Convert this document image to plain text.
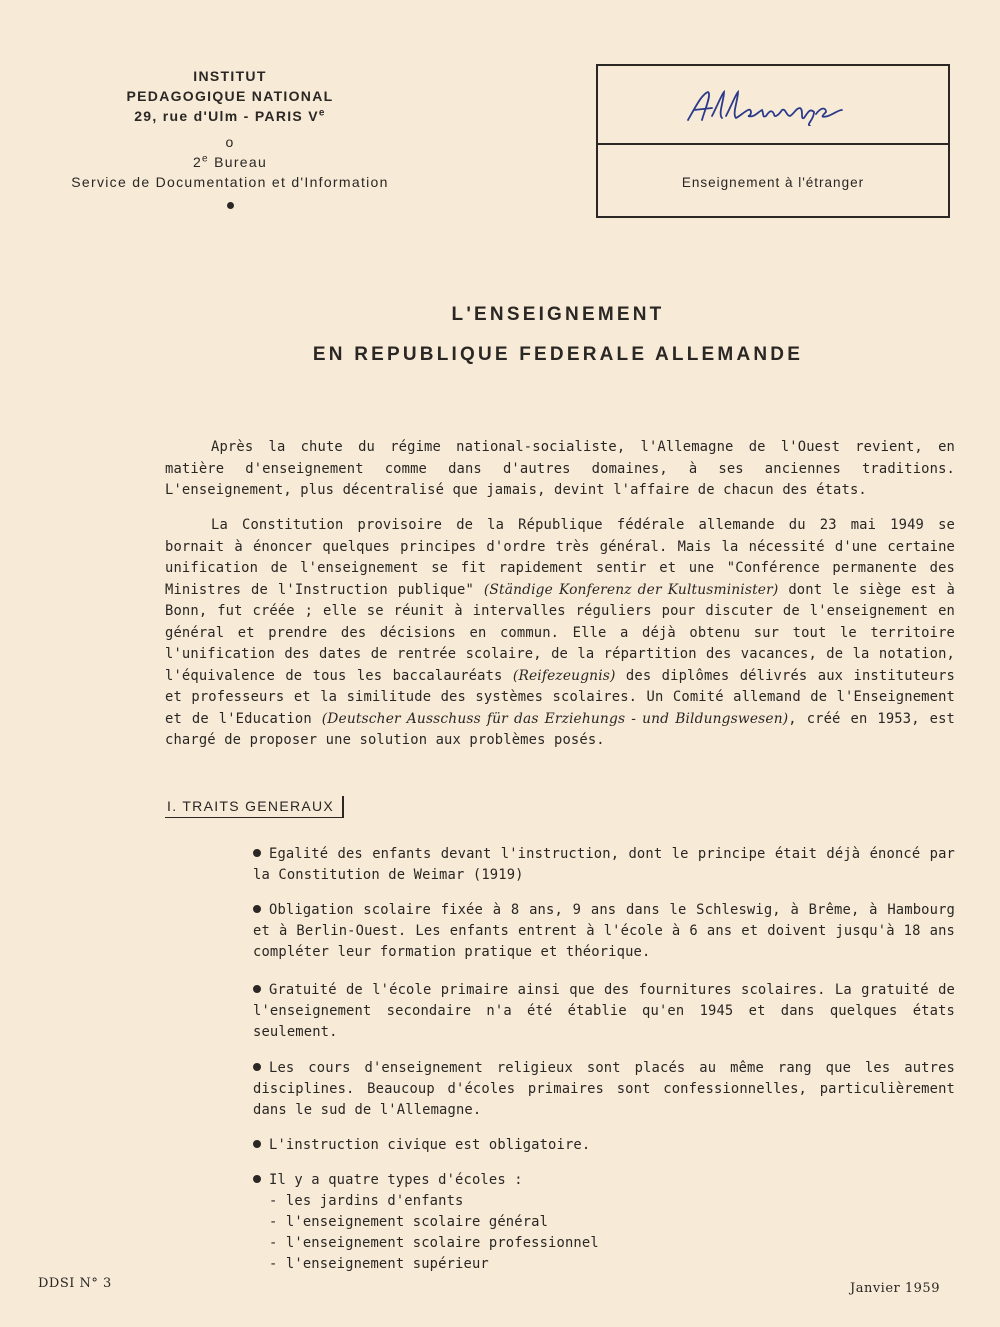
INSTITUT
PEDAGOGIQUE NATIONAL
29, rue d'Ulm - PARIS Ve
o
2e Bureau
Service de Documentation et d'Information	Enseignement à l'étranger
L'ENSEIGNEMENT
EN REPUBLIQUE FEDERALE ALLEMANDE
Après la chute du régime national-socialiste, l'Allemagne de l'Ouest revient, en matière d'enseignement comme dans d'autres domaines, à ses anciennes traditions. L'enseignement, plus décentralisé que jamais, devint l'affaire de chacun des états.
La Constitution provisoire de la République fédérale allemande du 23 mai 1949 se bornait à énoncer quelques principes d'ordre très général. Mais la nécessité d'une certaine unification de l'enseignement se fit rapidement sentir et une "Conférence permanente des Ministres de l'Instruction publique" (Ständige Konferenz der Kultusminister) dont le siège est à Bonn, fut créée ; elle se réunit à intervalles réguliers pour discuter de l'enseignement en général et prendre des décisions en commun. Elle a déjà obtenu sur tout le territoire l'unification des dates de rentrée scolaire, de la répartition des vacances, de la notation, l'équivalence de tous les baccalauréats (Reifezeugnis) des diplômes délivrés aux instituteurs et professeurs et la similitude des systèmes scolaires. Un Comité allemand de l'Enseignement et de l'Education (Deutscher Ausschuss für das Erziehungs - und Bildungswesen), créé en 1953, est chargé de proposer une solution aux problèmes posés.
I. TRAITS GENERAUX
Egalité des enfants devant l'instruction, dont le principe était déjà énoncé par la Constitution de Weimar (1919)
Obligation scolaire fixée à 8 ans, 9 ans dans le Schleswig, à Brême, à Hambourg et à Berlin-Ouest. Les enfants entrent à l'école à 6 ans et doivent jusqu'à 18 ans compléter leur formation pratique et théorique.
Gratuité de l'école primaire ainsi que des fournitures scolaires. La gratuité de l'enseignement secondaire n'a été établie qu'en 1945 et dans quelques états seulement.
Les cours d'enseignement religieux sont placés au même rang que les autres disciplines. Beaucoup d'écoles primaires sont confessionnelles, particulièrement dans le sud de l'Allemagne.
L'instruction civique est obligatoire.
Il y a quatre types d'écoles :
- les jardins d'enfants
- l'enseignement scolaire général
- l'enseignement scolaire professionnel
- l'enseignement supérieur
DDSI N° 3	Janvier 1959
